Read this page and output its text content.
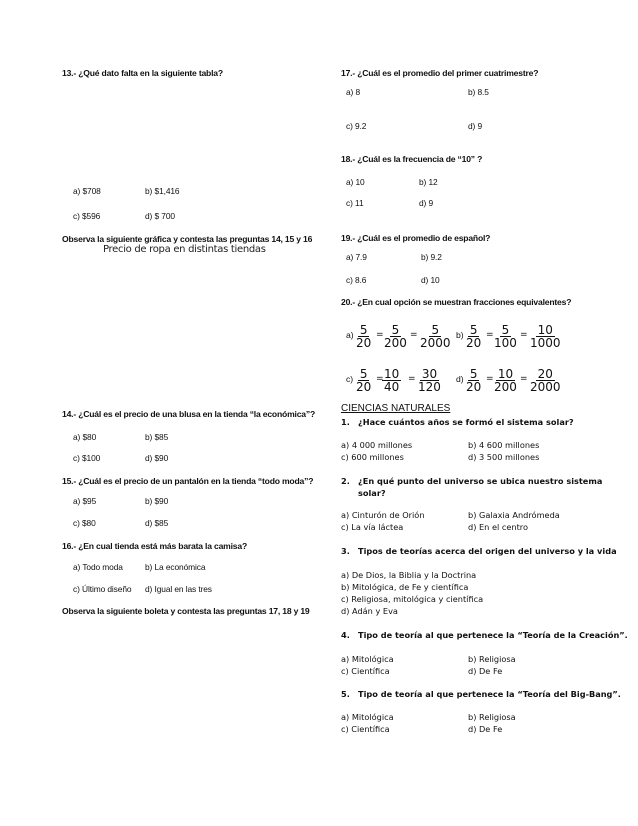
13.- ¿Qué dato falta en la siguiente tabla?
a) $708	b) $1,416
c) $596	d) $ 700
Observa la siguiente gráfica y contesta las preguntas 14, 15 y 16
Precio de ropa en distintas tiendas
14.- ¿Cuál es el precio de una blusa en la tienda “la económica”?
a) $80	b) $85
c) $100	d) $90
15.- ¿Cuál es el precio de un pantalón en la tienda “todo moda”?
a) $95	b) $90
c) $80	d) $85
16.- ¿En cual tienda está más barata la camisa?
a) Todo moda	b) La económica
c) Último diseño d) Igual en las tres
Observa la siguiente boleta y contesta las preguntas 17, 18 y 19
17.- ¿Cuál es el promedio del primer cuatrimestre?
a) 8	b) 8.5
c) 9.2	d) 9
18.- ¿Cuál es la frecuencia de “10” ?
a) 10	b) 12
c) 11	d) 9
19.- ¿Cuál es el promedio de español?
a) 7.9	b) 9.2
c) 8.6	d) 10
20.- ¿En cual opción se muestran fracciones equivalentes?
$a) \frac{5}{20}$ =
$\frac{5}{200} = \frac{5}{2000} b) \frac{5}{20}$ =
$\frac{5}{100} = \frac{10}{1000}$
$c) \frac{5}{20}$ =
$\frac{10}{40} = \frac{30}{120} d) \frac{5}{20}$ =
$\frac{10}{200} = \frac{20}{2000}$
CIENCIAS NATURALES
1. ¿Hace cuántos años se formó el sistema solar?
a) 4 000 millones	b) 4 600 millones
c) 600 millones	d) 3 500 millones
2. ¿En qué punto del universo se ubica nuestro sistema
solar?
a) Cinturón de Orión	b) Galaxia Andrómeda
c) La vía láctea	d) En el centro
3. Tipos de teorías acerca del origen del universo y la vida
a) De Dios, la Biblia y la Doctrina
b) Mitológica, de Fe y científica
c) Religiosa, mitológica y científica
d) Adán y Eva
4. Tipo de teoría al que pertenece la “Teoría de la Creación”.
a) Mitológica	b) Religiosa
c) Científica	d) De Fe
5. Tipo de teoría al que pertenece la “Teoría del Big-Bang”.
a) Mitológica	b) Religiosa
c) Científica	d) De Fe
